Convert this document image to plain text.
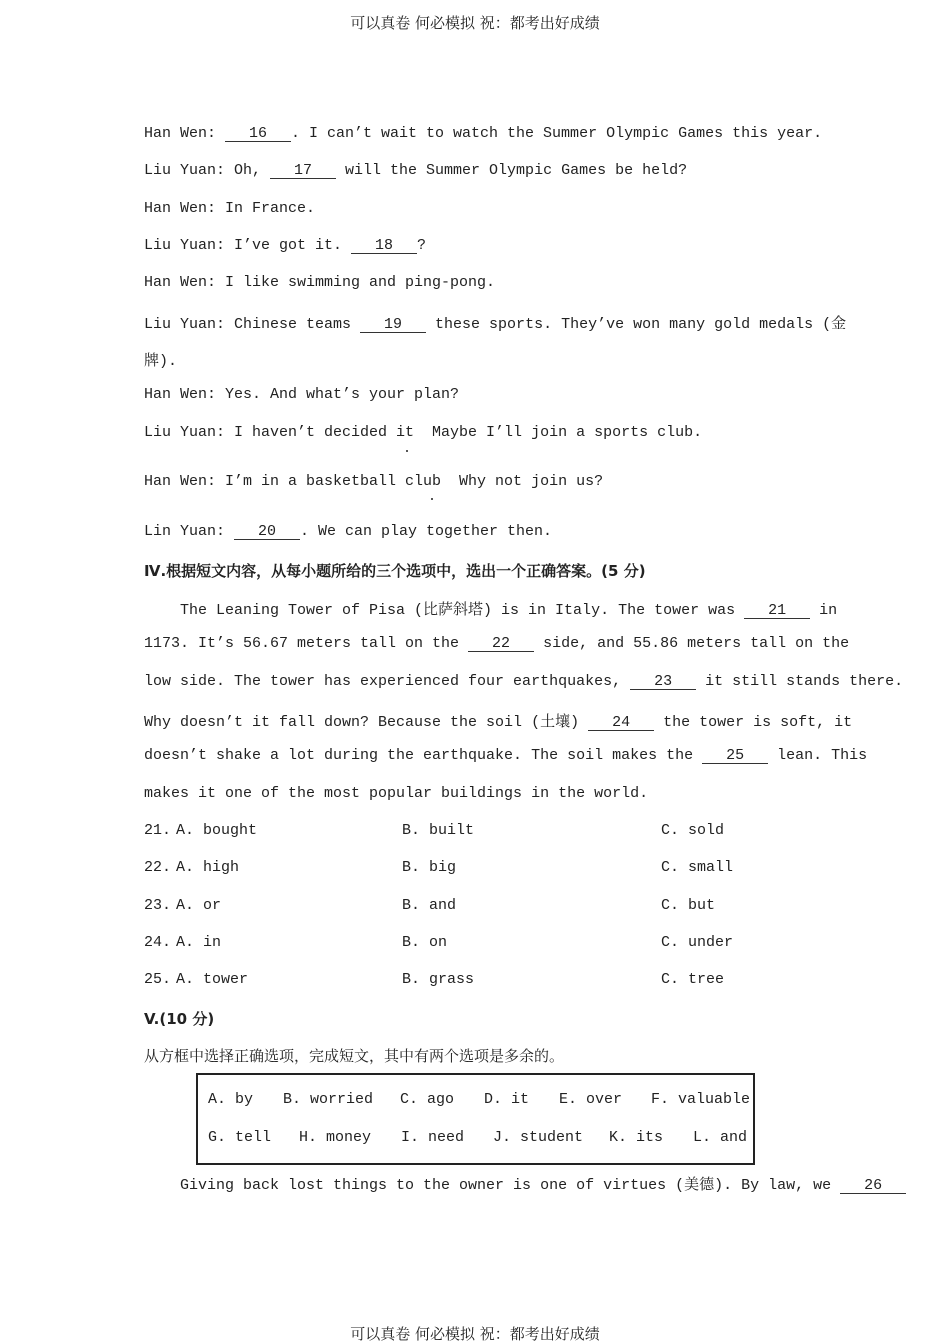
可以真卷 何必模拟 祝：都考出好成绩
可以真卷 何必模拟 祝：都考出好成绩
Han Wen: 16 . I can’t wait to watch the Summer Olympic Games this year.
Liu Yuan: Oh, 17 will the Summer Olympic Games be held?
Han Wen: In France.
Liu Yuan: I’ve got it. 18 ?
Han Wen: I like swimming and ping-pong.
Liu Yuan: Chinese teams 19 these sports. They’ve won many gold medals (金
牌).
Han Wen: Yes. And what’s your plan?
Liu Yuan: I haven’t decided it  Maybe I’ll join a sports club.
Han Wen: I’m in a basketball club  Why not join us?
Lin Yuan: 20 . We can play together then.
Ⅳ.根据短文内容，从每小题所给的三个选项中，选出一个正确答案。(5 分)
The Leaning Tower of Pisa (比萨斜塔) is in Italy. The tower was 21 in
1173. It’s 56.67 meters tall on the 22 side, and 55.86 meters tall on the
low side. The tower has experienced four earthquakes, 23 it still stands there.
Why doesn’t it fall down? Because the soil (土壤) 24 the tower is soft, it
doesn’t shake a lot during the earthquake. The soil makes the 25 lean. This
makes it one of the most popular buildings in the world.
21. A. bought	B. built	C. sold
22. A. high	B. big	C. small
23. A. or	B. and	C. but
24. A. in	B. on	C. under
25. A. tower	B. grass	C. tree
V.(10 分)
从方框中选择正确选项，完成短文，其中有两个选项是多余的。
A. by B. worried C. ago D. it E. over F. valuable
G. tell H. money I. need J. student K. its L. and
Giving back lost things to the owner is one of virtues (美德). By law, we 26
